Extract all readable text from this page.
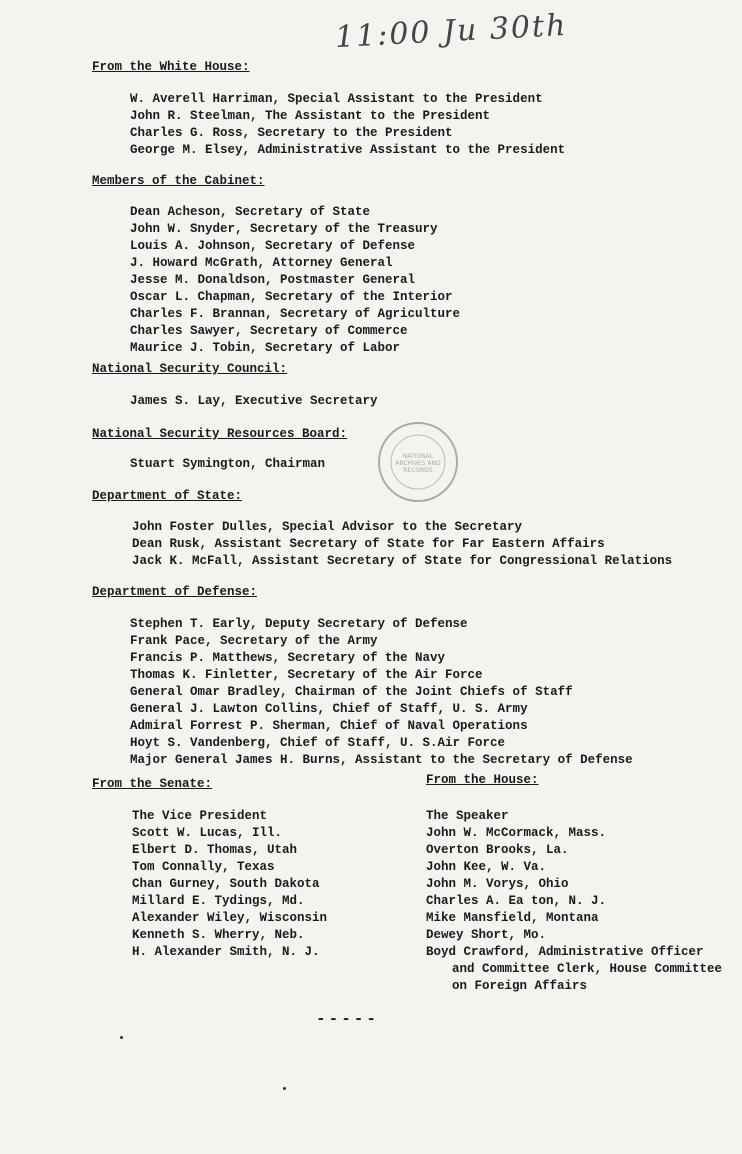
11:00 Ju 30th
From the White House:
W. Averell Harriman, Special Assistant to the President
John R. Steelman, The Assistant to the President
Charles G. Ross, Secretary to the President
George M. Elsey, Administrative Assistant to the President
Members of the Cabinet:
Dean Acheson, Secretary of State
John W. Snyder, Secretary of the Treasury
Louis A. Johnson, Secretary of Defense
J. Howard McGrath, Attorney General
Jesse M. Donaldson, Postmaster General
Oscar L. Chapman, Secretary of the Interior
Charles F. Brannan, Secretary of Agriculture
Charles Sawyer, Secretary of Commerce
Maurice J. Tobin, Secretary of Labor
National Security Council:
James S. Lay, Executive Secretary
National Security Resources Board:
Stuart Symington, Chairman
NATIONAL
ARCHIVES AND
RECORDS
Department of State:
John Foster Dulles, Special Advisor to the Secretary
Dean Rusk, Assistant Secretary of State for Far Eastern Affairs
Jack K. McFall, Assistant Secretary of State for Congressional Relations
Department of Defense:
Stephen T. Early, Deputy Secretary of Defense
Frank Pace, Secretary of the Army
Francis P. Matthews, Secretary of the Navy
Thomas K. Finletter, Secretary of the Air Force
General Omar Bradley, Chairman of the Joint Chiefs of Staff
General J. Lawton Collins, Chief of Staff, U. S. Army
Admiral Forrest P. Sherman, Chief of Naval Operations
Hoyt S. Vandenberg, Chief of Staff, U. S.Air Force
Major General James H. Burns, Assistant to the Secretary of Defense
From the Senate:
The Vice President
Scott W. Lucas, Ill.
Elbert D. Thomas, Utah
Tom Connally, Texas
Chan Gurney, South Dakota
Millard E. Tydings, Md.
Alexander Wiley, Wisconsin
Kenneth S. Wherry, Neb.
H. Alexander Smith, N. J.
From the House:
The Speaker
John W. McCormack, Mass.
Overton Brooks, La.
John Kee, W. Va.
John M. Vorys, Ohio
Charles A. Ea ton, N. J.
Mike Mansfield, Montana
Dewey Short, Mo.
Boyd Crawford, Administrative Officer
and Committee Clerk, House Committee
on Foreign Affairs
-----
